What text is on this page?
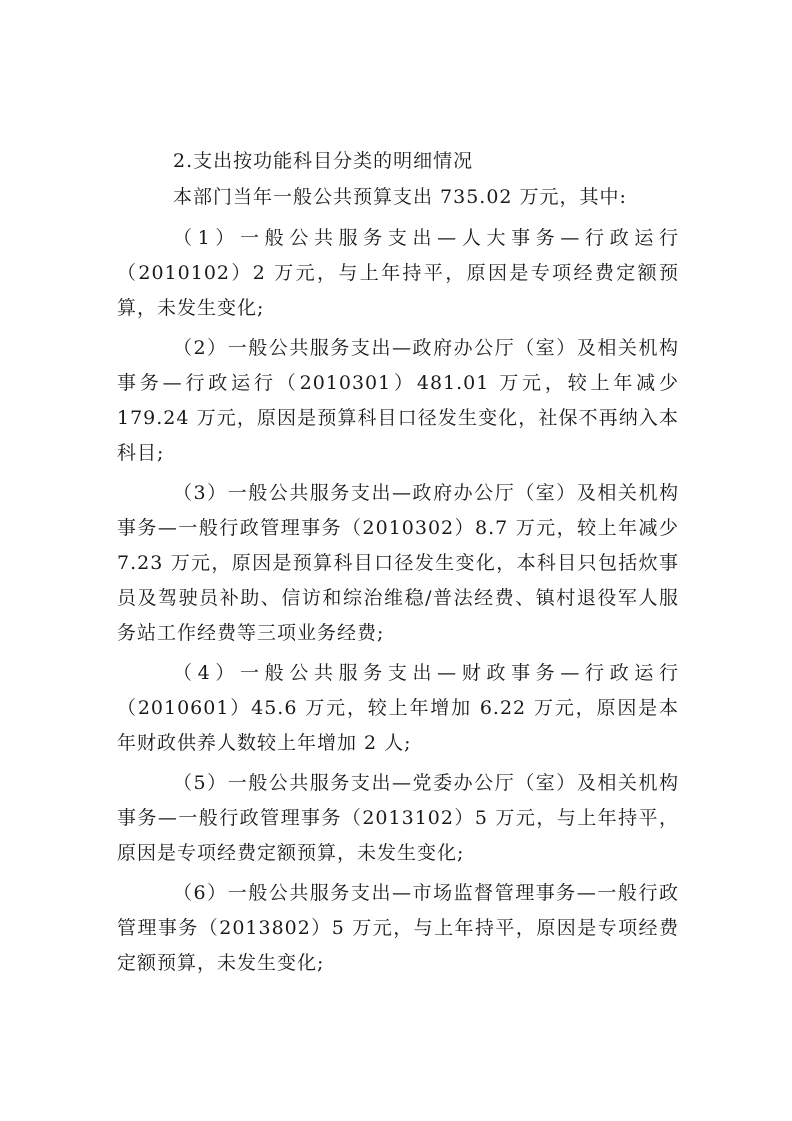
2.支出按功能科目分类的明细情况

本部门当年一般公共预算支出 735.02 万元，其中:

（1）一般公共服务支出—人大事务—行政运行（2010102）2 万元，与上年持平，原因是专项经费定额预算，未发生变化;

（2）一般公共服务支出—政府办公厅（室）及相关机构事务—行政运行（2010301）481.01 万元，较上年减少 179.24 万元，原因是预算科目口径发生变化，社保不再纳入本科目;

（3）一般公共服务支出—政府办公厅（室）及相关机构事务—一般行政管理事务（2010302）8.7 万元，较上年减少 7.23 万元，原因是预算科目口径发生变化，本科目只包括炊事员及驾驶员补助、信访和综治维稳/普法经费、镇村退役军人服务站工作经费等三项业务经费;

（4）一般公共服务支出—财政事务—行政运行（2010601）45.6 万元，较上年增加 6.22 万元，原因是本年财政供养人数较上年增加 2 人;

（5）一般公共服务支出—党委办公厅（室）及相关机构事务—一般行政管理事务（2013102）5 万元，与上年持平，原因是专项经费定额预算，未发生变化;

（6）一般公共服务支出—市场监督管理事务—一般行政管理事务（2013802）5 万元，与上年持平，原因是专项经费定额预算，未发生变化;
